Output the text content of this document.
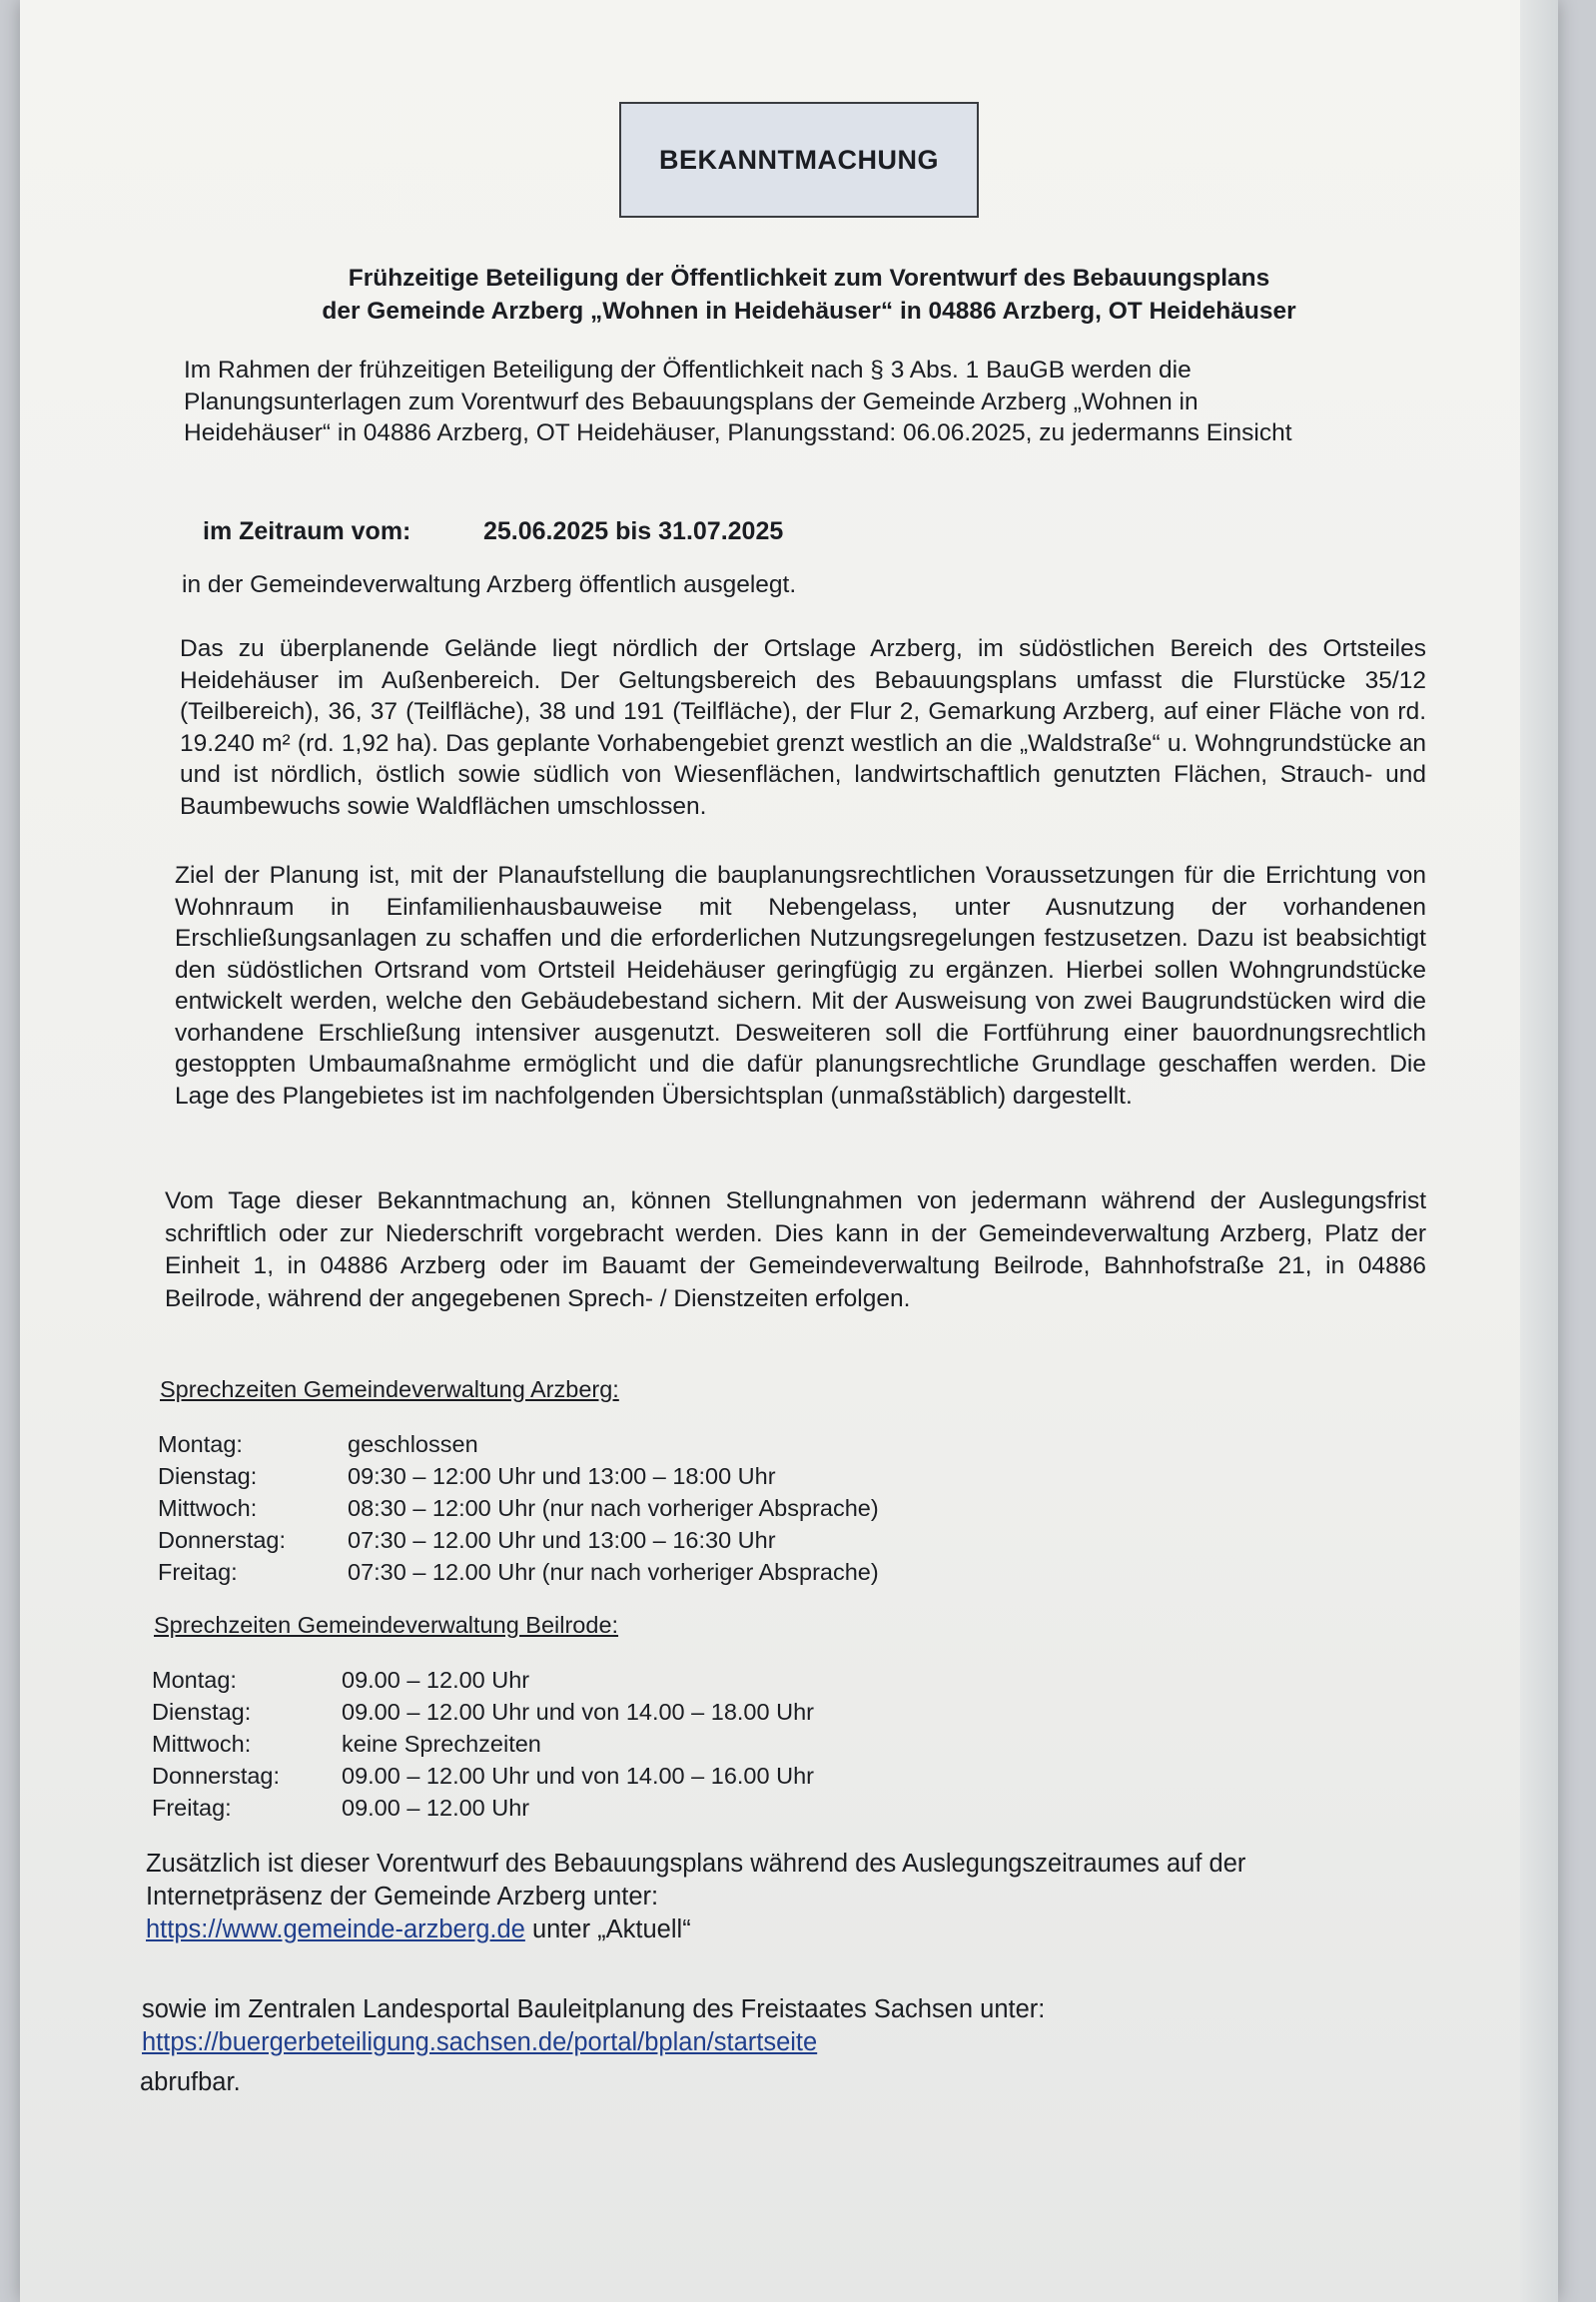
BEKANNTMACHUNG
Frühzeitige Beteiligung der Öffentlichkeit zum Vorentwurf des Bebauungsplans
der Gemeinde Arzberg „Wohnen in Heidehäuser“ in 04886 Arzberg, OT Heidehäuser
Im Rahmen der frühzeitigen Beteiligung der Öffentlichkeit nach § 3 Abs. 1 BauGB werden die Planungsunterlagen zum Vorentwurf des Bebauungsplans der Gemeinde Arzberg „Wohnen in Heidehäuser“ in 04886 Arzberg, OT Heidehäuser, Planungsstand: 06.06.2025, zu jedermanns Einsicht
im Zeitraum vom:	25.06.2025 bis 31.07.2025
in der Gemeindeverwaltung Arzberg öffentlich ausgelegt.
Das zu überplanende Gelände liegt nördlich der Ortslage Arzberg, im südöstlichen Bereich des Ortsteiles Heidehäuser im Außenbereich. Der Geltungsbereich des Bebauungsplans umfasst die Flurstücke 35/12 (Teilbereich), 36, 37 (Teilfläche), 38 und 191 (Teilfläche), der Flur 2, Gemarkung Arzberg, auf einer Fläche von rd. 19.240 m² (rd. 1,92 ha). Das geplante Vorhabengebiet grenzt westlich an die „Waldstraße“ u. Wohngrundstücke an und ist nördlich, östlich sowie südlich von Wiesenflächen, landwirtschaftlich genutzten Flächen, Strauch- und Baumbewuchs sowie Waldflächen umschlossen.
Ziel der Planung ist, mit der Planaufstellung die bauplanungsrechtlichen Voraussetzungen für die Errichtung von Wohnraum in Einfamilienhausbauweise mit Nebengelass, unter Ausnutzung der vorhandenen Erschließungsanlagen zu schaffen und die erforderlichen Nutzungsregelungen festzusetzen. Dazu ist beabsichtigt den südöstlichen Ortsrand vom Ortsteil Heidehäuser geringfügig zu ergänzen. Hierbei sollen Wohngrundstücke entwickelt werden, welche den Gebäudebestand sichern. Mit der Ausweisung von zwei Baugrundstücken wird die vorhandene Erschließung intensiver ausgenutzt. Desweiteren soll die Fortführung einer bauordnungsrechtlich gestoppten Umbaumaßnahme ermöglicht und die dafür planungsrechtliche Grundlage geschaffen werden. Die Lage des Plangebietes ist im nachfolgenden Übersichtsplan (unmaßstäblich) dargestellt.
Vom Tage dieser Bekanntmachung an, können Stellungnahmen von jedermann während der Auslegungsfrist schriftlich oder zur Niederschrift vorgebracht werden. Dies kann in der Gemeindeverwaltung Arzberg, Platz der Einheit 1, in 04886 Arzberg oder im Bauamt der Gemeindeverwaltung Beilrode, Bahnhofstraße 21, in 04886 Beilrode, während der angegebenen Sprech- / Dienstzeiten erfolgen.
Sprechzeiten Gemeindeverwaltung Arzberg:
Montag:	geschlossen
Dienstag:	09:30 – 12:00 Uhr und 13:00 – 18:00 Uhr
Mittwoch:	08:30 – 12:00 Uhr (nur nach vorheriger Absprache)
Donnerstag:	07:30 – 12.00 Uhr und 13:00 – 16:30 Uhr
Freitag:	07:30 – 12.00 Uhr (nur nach vorheriger Absprache)
Sprechzeiten Gemeindeverwaltung Beilrode:
Montag:	09.00 – 12.00 Uhr
Dienstag:	09.00 – 12.00 Uhr und von 14.00 – 18.00 Uhr
Mittwoch:	keine Sprechzeiten
Donnerstag:	09.00 – 12.00 Uhr und von 14.00 – 16.00 Uhr
Freitag:	09.00 – 12.00 Uhr
Zusätzlich ist dieser Vorentwurf des Bebauungsplans während des Auslegungszeitraumes auf der
Internetpräsenz der Gemeinde Arzberg unter:
https://www.gemeinde-arzberg.de unter „Aktuell“
sowie im Zentralen Landesportal Bauleitplanung des Freistaates Sachsen unter:
https://buergerbeteiligung.sachsen.de/portal/bplan/startseite
abrufbar.
